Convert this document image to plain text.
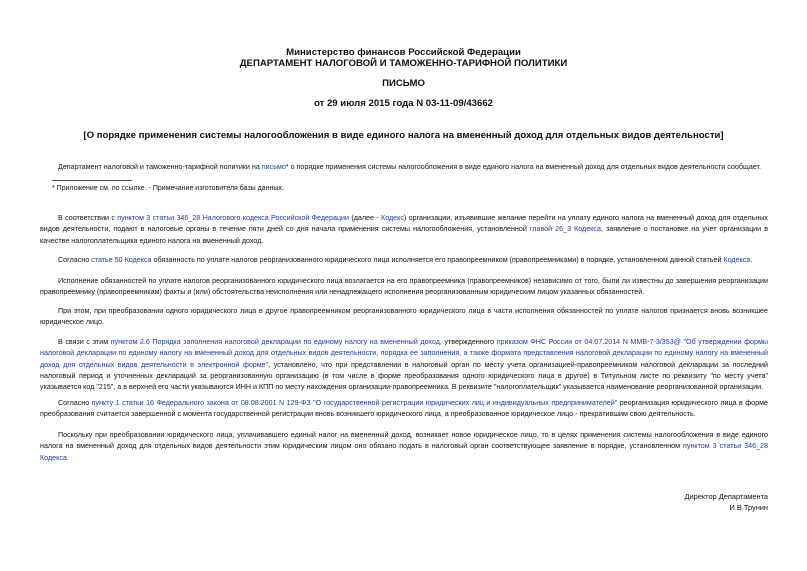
Министерство финансов Российской Федерации
ДЕПАРТАМЕНТ НАЛОГОВОЙ И ТАМОЖЕННО-ТАРИФНОЙ ПОЛИТИКИ
ПИСЬМО
от 29 июля 2015 года N 03-11-09/43662
[О порядке применения системы налогообложения в виде единого налога на вмененный доход для отдельных видов деятельности]

Департамент налоговой и таможенно-тарифной политики на письмо* о порядке применения системы налогообложения в виде единого налога на вмененный доход для отдельных видов деятельности сообщает.

* Приложение см. по ссылке. - Примечание изготовителя базы данных.

В соответствии с пунктом 3 статьи 346_28 Налогового кодекса Российской Федерации (далее - Кодекс) организации, изъявившие желание перейти на уплату единого налога на вмененный доход для отдельных видов деятельности, подают в налоговые органы в течение пяти дней со дня начала применения системы налогообложения, установленной главой 26_3 Кодекса, заявление о постановке на учет организации в качестве налогоплательщика единого налога на вмененный доход.

Согласно статье 50 Кодекса обязанность по уплате налогов реорганизованного юридического лица исполняется его правопреемником (правопреемниками) в порядке, установленном данной статьей Кодекса.

Исполнение обязанностей по уплате налогов реорганизованного юридического лица возлагается на его правопреемника (правопреемников) независимо от того, были ли известны до завершения реорганизации правопреемнику (правопреемникам) факты и (или) обстоятельства неисполнения или ненадлежащего исполнения реорганизованным юридическим лицом указанных обязанностей.

При этом, при преобразовании одного юридического лица в другое правопреемником реорганизованного юридического лица в части исполнения обязанностей по уплате налогов признается вновь возникшее юридическое лицо.

В связи с этим пунктом 2.6 Порядка заполнения налоговой декларации по единому налогу на вмененный доход, утвержденного приказом ФНС России от 04.07.2014 N ММВ-7-3/353@ "Об утверждении формы налоговой декларации по единому налогу на вмененный доход для отдельных видов деятельности, порядка ее заполнения, а также формата представления налоговой декларации по единому налогу на вмененный доход для отдельных видов деятельности в электронной форме", установлено, что при представлении в налоговый орган по месту учета организацией-правопреемником налоговой декларации за последний налоговый период и уточненных деклараций за реорганизованную организацию (в том числе в форме преобразования одного юридического лица в другое) в Титульном листе по реквизиту "по месту учета" указывается код "215", а в верхней его части указываются ИНН и КПП по месту нахождения организации-правопреемника. В реквизите "налогоплательщик" указывается наименование реорганизованной организации.

Согласно пункту 1 статьи 16 Федерального закона от 08.08.2001 N 129-ФЗ "О государственной регистрации юридических лиц и индивидуальных предпринимателей" реорганизация юридического лица в форме преобразования считается завершенной с момента государственной регистрации вновь возникшего юридического лица, а преобразованное юридическое лицо - прекратившим свою деятельность.

Поскольку при преобразовании юридического лица, уплачивавшего единый налог на вмененный доход, возникает новое юридическое лицо, то в целях применения системы налогообложения в виде единого налога на вмененный доход для отдельных видов деятельности этим юридическим лицом оно обязано подать в налоговый орган соответствующее заявление в порядке, установленном пунктом 3 статьи 346_28 Кодекса.

Директор Департамента
И.В.Трунин
